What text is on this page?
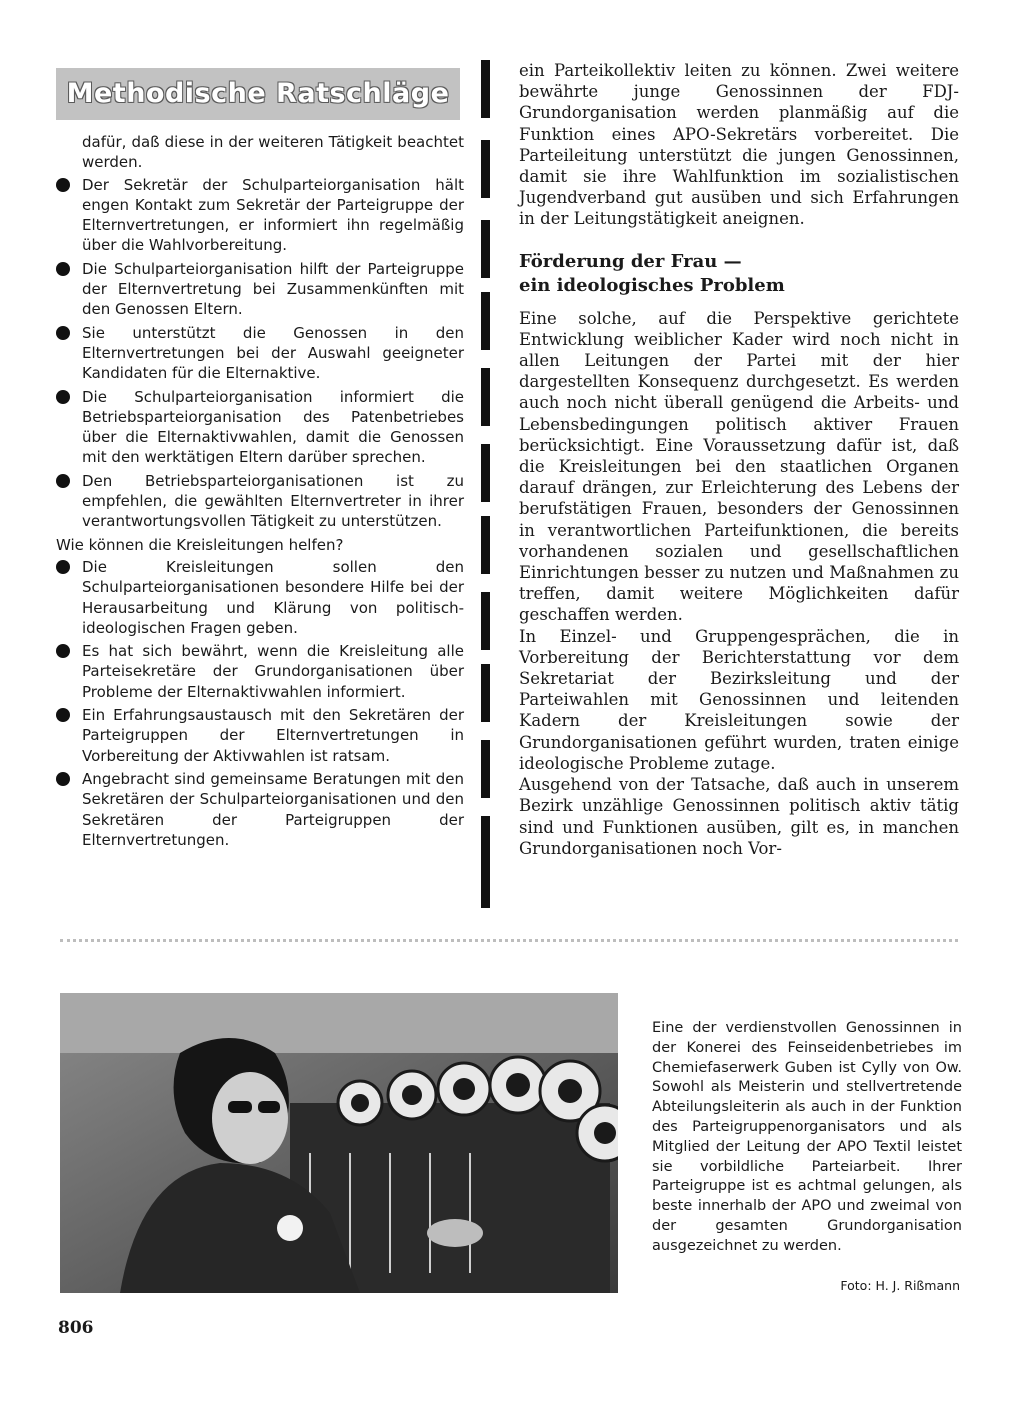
Methodische Ratschläge
dafür, daß diese in der weiteren Tätigkeit beachtet werden.
Der Sekretär der Schulparteiorganisation hält engen Kontakt zum Sekretär der Parteigruppe der Elternvertretungen, er informiert ihn regelmäßig über die Wahlvorbereitung.
Die Schulparteiorganisation hilft der Parteigruppe der Elternvertretung bei Zusammenkünften mit den Genossen Eltern.
Sie unterstützt die Genossen in den Elternvertretungen bei der Auswahl geeigneter Kandidaten für die Elternaktive.
Die Schulparteiorganisation informiert die Betriebsparteiorganisation des Patenbetriebes über die Elternaktivwahlen, damit die Genossen mit den werktätigen Eltern darüber sprechen.
Den Betriebsparteiorganisationen ist zu empfehlen, die gewählten Elternvertreter in ihrer verantwortungsvollen Tätigkeit zu unterstützen.
Wie können die Kreisleitungen helfen?
Die Kreisleitungen sollen den Schulparteiorganisationen besondere Hilfe bei der Herausarbeitung und Klärung von politisch-ideologischen Fragen geben.
Es hat sich bewährt, wenn die Kreisleitung alle Parteisekretäre der Grundorganisationen über Probleme der Elternaktivwahlen informiert.
Ein Erfahrungsaustausch mit den Sekretären der Parteigruppen der Elternvertretungen in Vorbereitung der Aktivwahlen ist ratsam.
Angebracht sind gemeinsame Beratungen mit den Sekretären der Schulparteiorganisationen und den Sekretären der Parteigruppen der Elternvertretungen.

ein Parteikollektiv leiten zu können. Zwei weitere bewährte junge Genossinnen der FDJ-Grundorganisation werden planmäßig auf die Funktion eines APO-Sekretärs vorbereitet. Die Parteileitung unterstützt die jungen Genossinnen, damit sie ihre Wahlfunktion im sozialistischen Jugendverband gut ausüben und sich Erfahrungen in der Leitungstätigkeit aneignen.

Förderung der Frau —
ein ideologisches Problem

Eine solche, auf die Perspektive gerichtete Entwicklung weiblicher Kader wird noch nicht in allen Leitungen der Partei mit der hier dargestellten Konsequenz durchgesetzt. Es werden auch noch nicht überall genügend die Arbeits- und Lebensbedingungen politisch aktiver Frauen berücksichtigt. Eine Voraussetzung dafür ist, daß die Kreisleitungen bei den staatlichen Organen darauf drängen, zur Erleichterung des Lebens der berufstätigen Frauen, besonders der Genossinnen in verantwortlichen Parteifunktionen, die bereits vorhandenen sozialen und gesellschaftlichen Einrichtungen besser zu nutzen und Maßnahmen zu treffen, damit weitere Möglichkeiten dafür geschaffen werden.

In Einzel- und Gruppengesprächen, die in Vorbereitung der Berichterstattung vor dem Sekretariat der Bezirksleitung und der Parteiwahlen mit Genossinnen und leitenden Kadern der Kreisleitungen sowie der Grundorganisationen geführt wurden, traten einige ideologische Probleme zutage.

Ausgehend von der Tatsache, daß auch in unserem Bezirk unzählige Genossinnen politisch aktiv tätig sind und Funktionen ausüben, gilt es, in manchen Grundorganisationen noch Vor-

Eine der verdienstvollen Genossinnen in der Konerei des Feinseidenbetriebes im Chemiefaserwerk Guben ist Cylly von Ow. Sowohl als Meisterin und stellvertretende Abteilungsleiterin als auch in der Funktion des Parteigruppenorganisators und als Mitglied der Leitung der APO Textil leistet sie vorbildliche Parteiarbeit. Ihrer Parteigruppe ist es achtmal gelungen, als beste innerhalb der APO und zweimal von der gesamten Grundorganisation ausgezeichnet zu werden.
Foto: H. J. Rißmann
806
